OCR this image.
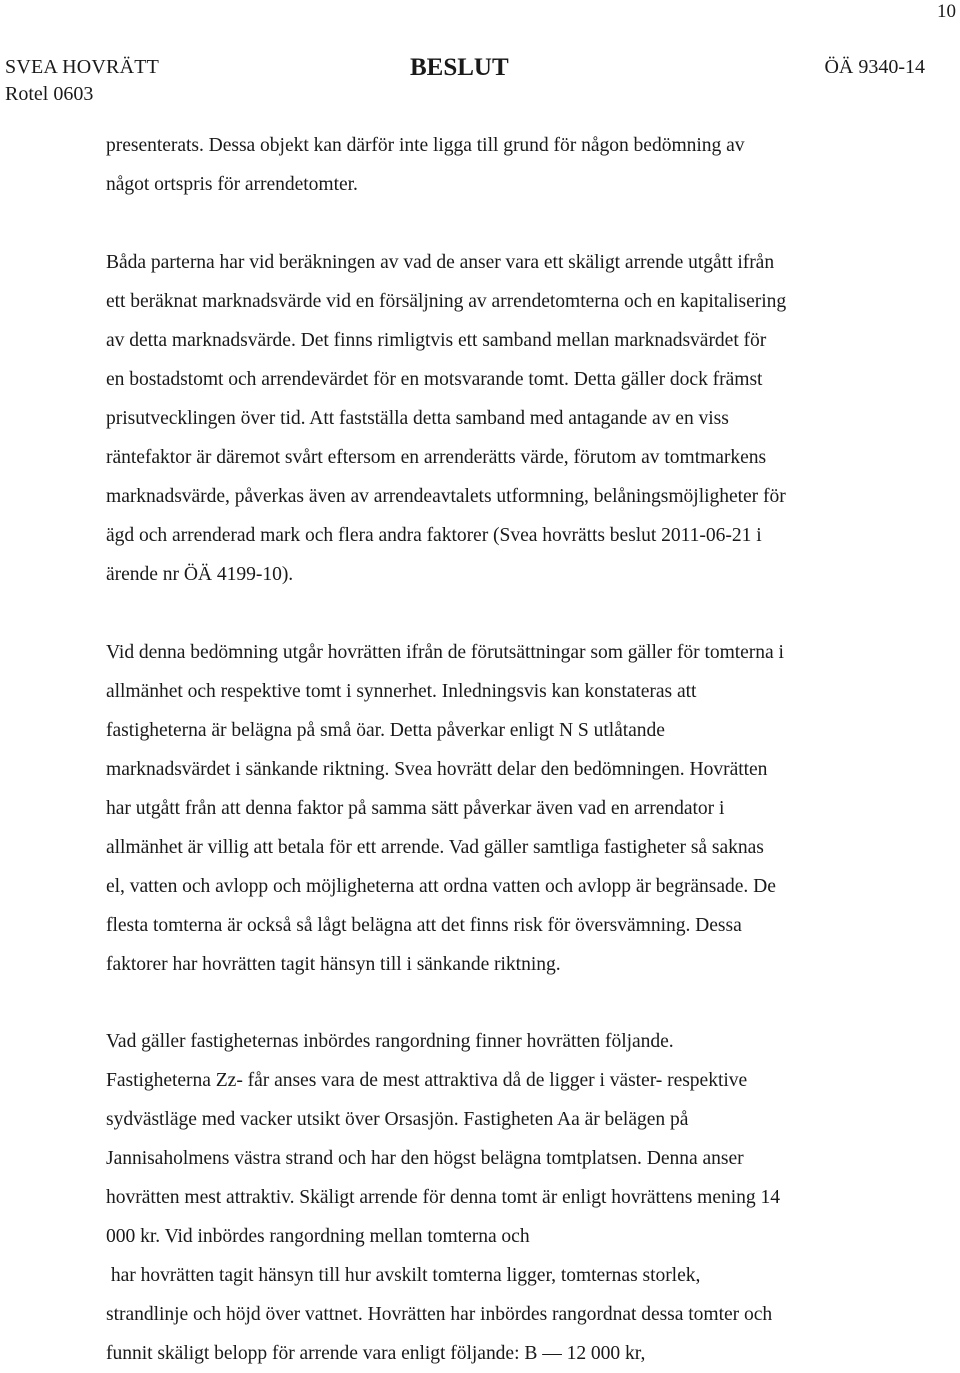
10
SVEA HOVRÄTT	BESLUT	ÖÄ 9340-14
Rotel 0603
presenterats. Dessa objekt kan därför inte ligga till grund för någon bedömning av
något ortspris för arrendetomter.
Båda parterna har vid beräkningen av vad de anser vara ett skäligt arrende utgått ifrån
ett beräknat marknadsvärde vid en försäljning av arrendetomterna och en kapitalisering
av detta marknadsvärde. Det finns rimligtvis ett samband mellan marknadsvärdet för
en bostadstomt och arrendevärdet för en motsvarande tomt. Detta gäller dock främst
prisutvecklingen över tid. Att fastställa detta samband med antagande av en viss
räntefaktor är däremot svårt eftersom en arrenderätts värde, förutom av tomtmarkens
marknadsvärde, påverkas även av arrendeavtalets utformning, belåningsmöjligheter för
ägd och arrenderad mark och flera andra faktorer (Svea hovrätts beslut 2011-06-21 i
ärende nr ÖÄ 4199-10).
Vid denna bedömning utgår hovrätten ifrån de förutsättningar som gäller för tomterna i
allmänhet och respektive tomt i synnerhet. Inledningsvis kan konstateras att
fastigheterna är belägna på små öar. Detta påverkar enligt N S utlåtande
marknadsvärdet i sänkande riktning. Svea hovrätt delar den bedömningen. Hovrätten
har utgått från att denna faktor på samma sätt påverkar även vad en arrendator i
allmänhet är villig att betala för ett arrende. Vad gäller samtliga fastigheter så saknas
el, vatten och avlopp och möjligheterna att ordna vatten och avlopp är begränsade. De
flesta tomterna är också så lågt belägna att det finns risk för översvämning. Dessa
faktorer har hovrätten tagit hänsyn till i sänkande riktning.
Vad gäller fastigheternas inbördes rangordning finner hovrätten följande.
Fastigheterna Zz- får anses vara de mest attraktiva då de ligger i väster- respektive
sydvästläge med vacker utsikt över Orsasjön. Fastigheten Aa är belägen på
Jannisaholmens västra strand och har den högst belägna tomtplatsen. Denna anser
hovrätten mest attraktiv. Skäligt arrende för denna tomt är enligt hovrättens mening 14
000 kr. Vid inbördes rangordning mellan tomterna och
har hovrätten tagit hänsyn till hur avskilt tomterna ligger, tomternas storlek,
strandlinje och höjd över vattnet. Hovrätten har inbördes rangordnat dessa tomter och
funnit skäligt belopp för arrende vara enligt följande: B — 12 000 kr,
